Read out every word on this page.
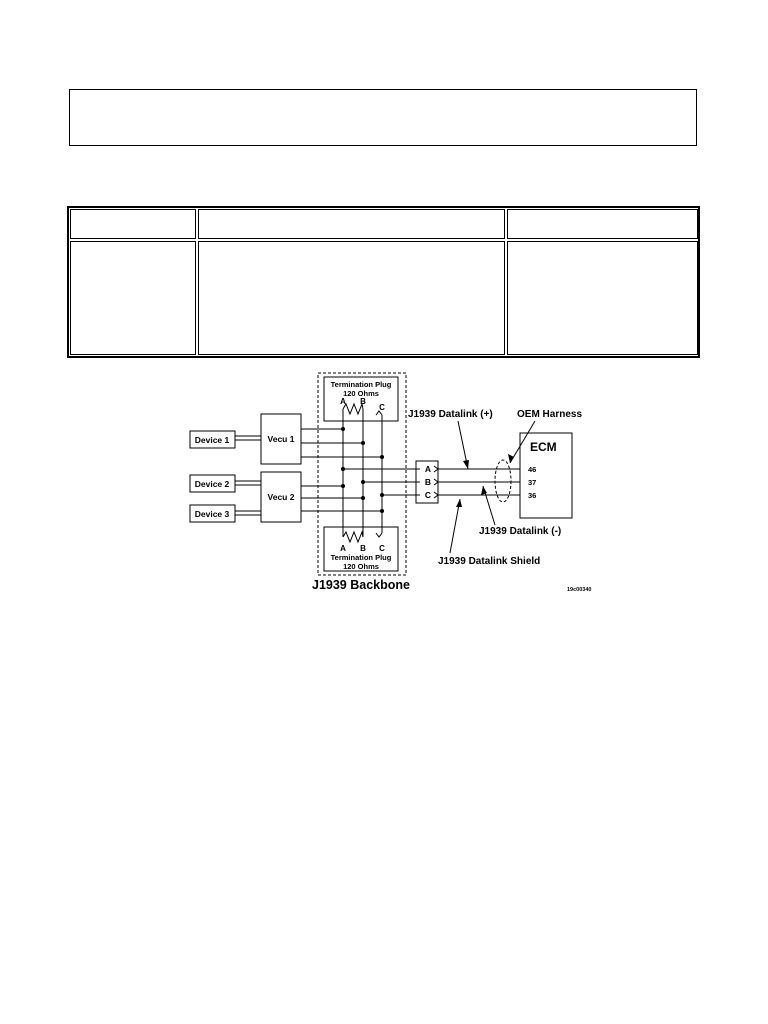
Termination Plug
120 Ohms
A B
C
A B C
Termination Plug
120 Ohms
Device 1
Device 2
Device 3
Vecu 1
Vecu 2
A
B
C
J1939 Datalink (+) OEM Harness
J1939 Datalink (-)
J1939 Datalink Shield
ECM
46
37
36
J1939 Backbone	19c00340
